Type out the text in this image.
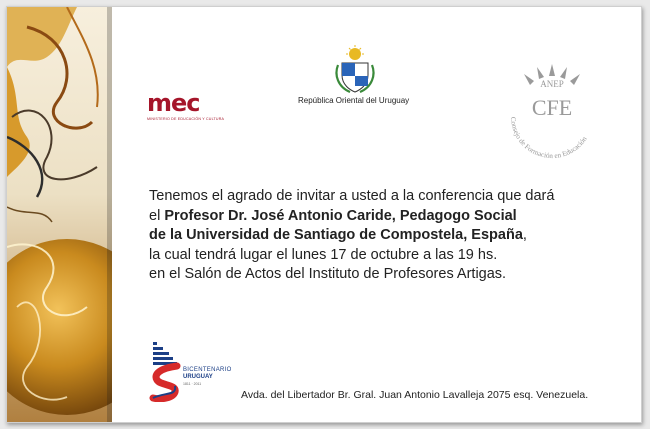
mec
MINISTERIO DE EDUCACIÓN Y CULTURA
República Oriental del Uruguay
ANEP
CFE
Consejo de Formación en Educación

Tenemos el agrado de invitar a usted a la conferencia que dará

el Profesor Dr. José Antonio Caride, Pedagogo Social

de la Universidad de Santiago de Compostela, España,

la cual tendrá lugar el lunes 17 de octubre a las 19 hs.

en el Salón de Actos del Instituto de Profesores Artigas.

BICENTENARIO
URUGUAY
1811 · 2011
Avda. del Libertador Br. Gral. Juan Antonio Lavalleja 2075 esq. Venezuela.
